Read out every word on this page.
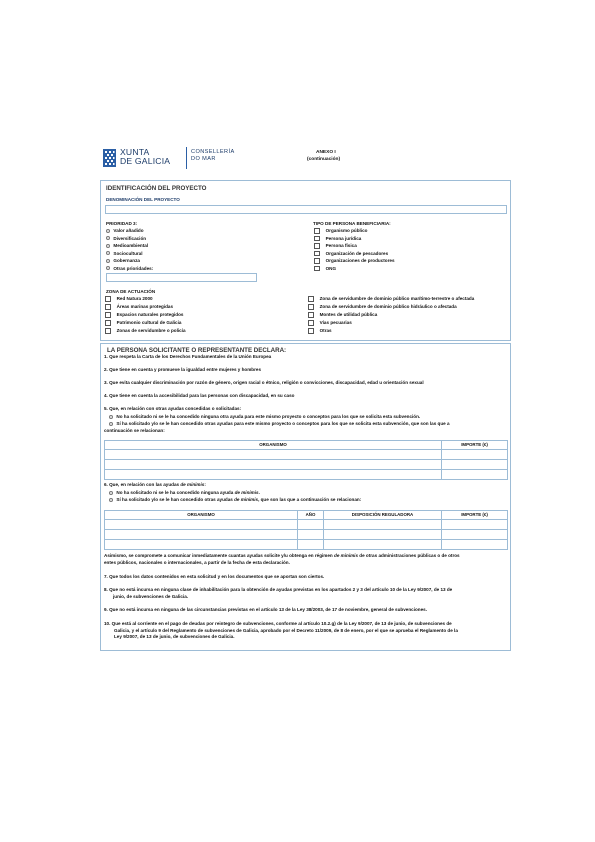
XUNTA
DE GALICIA
CONSELLERÍA
DO MAR
ANEXO I
(continuación)
IDENTIFICACIÓN DEL PROYECTO
DENOMINACIÓN DEL PROYECTO
PRIORIDAD 3:
Valor añadido
Diversificación
Medioambiental
Sociocultural
Gobernanza
Otras prioridades:
TIPO DE PERSONA BENEFICIARIA:
Organismo público
Persona jurídica
Persona física
Organización de pescadores
Organizaciones de productores
ONG
ZONA DE ACTUACIÓN
Red Natura 2000
Áreas marinas protegidas
Espacios naturales protegidos
Patrimonio cultural de Galicia
Zonas de servidumbre o policía
Zona de servidumbre de dominio público marítimo-terrestre o afectada
Zona de servidumbre de dominio público hidráulico o afectada
Montes de utilidad pública
Vías pecuarias
Otras
LA PERSONA SOLICITANTE O REPRESENTANTE DECLARA:
1. Que respeta la Carta de los Derechos Fundamentales de la Unión Europea
2. Que tiene en cuenta y promueve la igualdad entre mujeres y hombres
3. Que evita cualquier discriminación por razón de género, origen racial o étnico, religión o convicciones, discapacidad, edad u orientación sexual
4. Que tiene en cuenta la accesibilidad para las personas con discapacidad, en su caso
5. Que, en relación con otras ayudas concedidas o solicitadas:
No ha solicitado ni se le ha concedido ninguna otra ayuda para este mismo proyecto o conceptos para los que se solicita esta subvención.
Sí ha solicitado y/o se le han concedido otras ayudas para este mismo proyecto o conceptos para los que se solicita esta subvención, que son las que a
continuación se relacionan:
ORGANISMO	IMPORTE (€)

6. Que, en relación con las ayudas de minimis:
No ha solicitado ni se le ha concedido ninguna ayuda de minimis.
Sí ha solicitado y/o se le han concedido otras ayudas de minimis, que son las que a continuación se relacionan:
ORGANISMO	AÑO	DISPOSICIÓN REGULADORA	IMPORTE (€)

Asimismo, se compromete a comunicar inmediatamente cuantas ayudas solicite y/u obtenga en régimen de minimis de otras administraciones públicas o de otros
entes públicos, nacionales o internacionales, a partir de la fecha de esta declaración.
7. Que todos los datos contenidos en esta solicitud y en los documentos que se aportan son ciertos.
8. Que no está incursa en ninguna clase de inhabilitación para la obtención de ayudas previstas en los apartados 2 y 3 del artículo 10 de la Ley 9/2007, de 13 de
junio, de subvenciones de Galicia.
9. Que no está incursa en ninguna de las circunstancias previstas en el artículo 13 de la Ley 38/2003, de 17 de noviembre, general de subvenciones.
10. Que está al corriente en el pago de deudas por reintegro de subvenciones, conforme al artículo 10.2.g) de la Ley 9/2007, de 13 de junio, de subvenciones de
Galicia, y el artículo 9 del Reglamento de subvenciones de Galicia, aprobado por el Decreto 11/2009, de 8 de enero, por el que se aprueba el Reglamento de la
Ley 9/2007, de 13 de junio, de subvenciones de Galicia.
